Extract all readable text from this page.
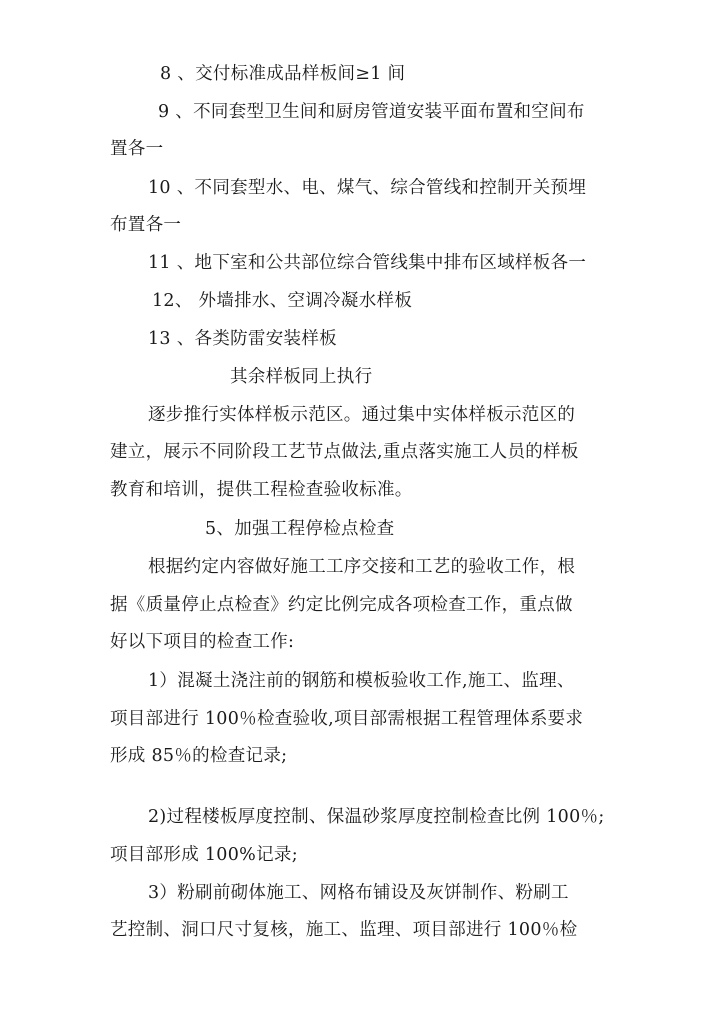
8 、交付标准成品样板间≥1 间
9 、不同套型卫生间和厨房管道安装平面布置和空间布
置各一
10 、不同套型水、电、煤气、综合管线和控制开关预埋
布置各一
11 、地下室和公共部位综合管线集中排布区域样板各一
12、 外墙排水、空调冷凝水样板
13 、各类防雷安装样板
其余样板同上执行
逐步推行实体样板示范区。通过集中实体样板示范区的
建立，展示不同阶段工艺节点做法,重点落实施工人员的样板
教育和培训，提供工程检查验收标准。
5、加强工程停检点检查
根据约定内容做好施工工序交接和工艺的验收工作，根
据《质量停止点检查》约定比例完成各项检查工作，重点做
好以下项目的检查工作:
1）混凝土浇注前的钢筋和模板验收工作,施工、监理、
项目部进行 100％检查验收,项目部需根据工程管理体系要求
形成 85％的检查记录;
2)过程楼板厚度控制、保温砂浆厚度控制检查比例 100％;
项目部形成 100%记录;
3）粉刷前砌体施工、网格布铺设及灰饼制作、粉刷工
艺控制、洞口尺寸复核，施工、监理、项目部进行 100％检
